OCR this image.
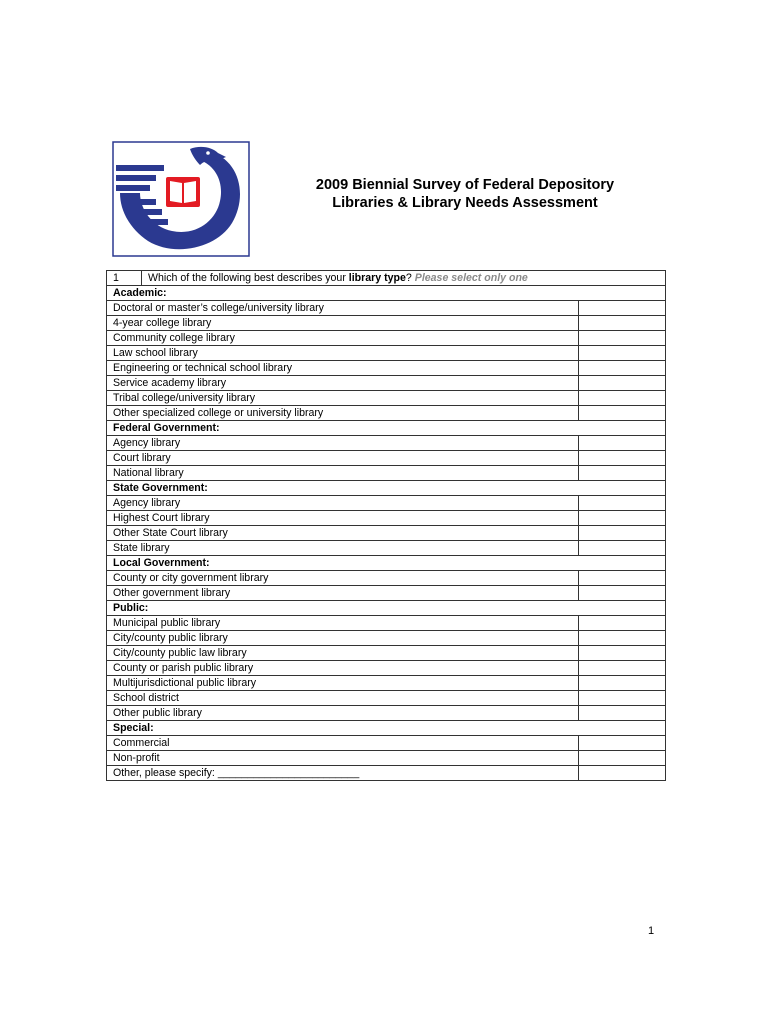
2009 Biennial Survey of Federal Depository
Libraries & Library Needs Assessment
1	Which of the following best describes your library type? Please select only one	
Academic:		
Doctoral or master’s college/university library		
4-year college library		
Community college library		
Law school library		
Engineering or technical school library		
Service academy library		
Tribal college/university library		
Other specialized college or university library		
Federal Government:		
Agency library		
Court library		
National library		
State Government:		
Agency library		
Highest Court library		
Other State Court library		
State library		
Local Government:		
County or city government library		
Other government library		
Public:		
Municipal public library		
City/county public library		
City/county public law library		
County or parish public library		
Multijurisdictional public library		
School district		
Other public library		
Special:		
Commercial		
Non-profit		
Other, please specify: ________________________		
1
